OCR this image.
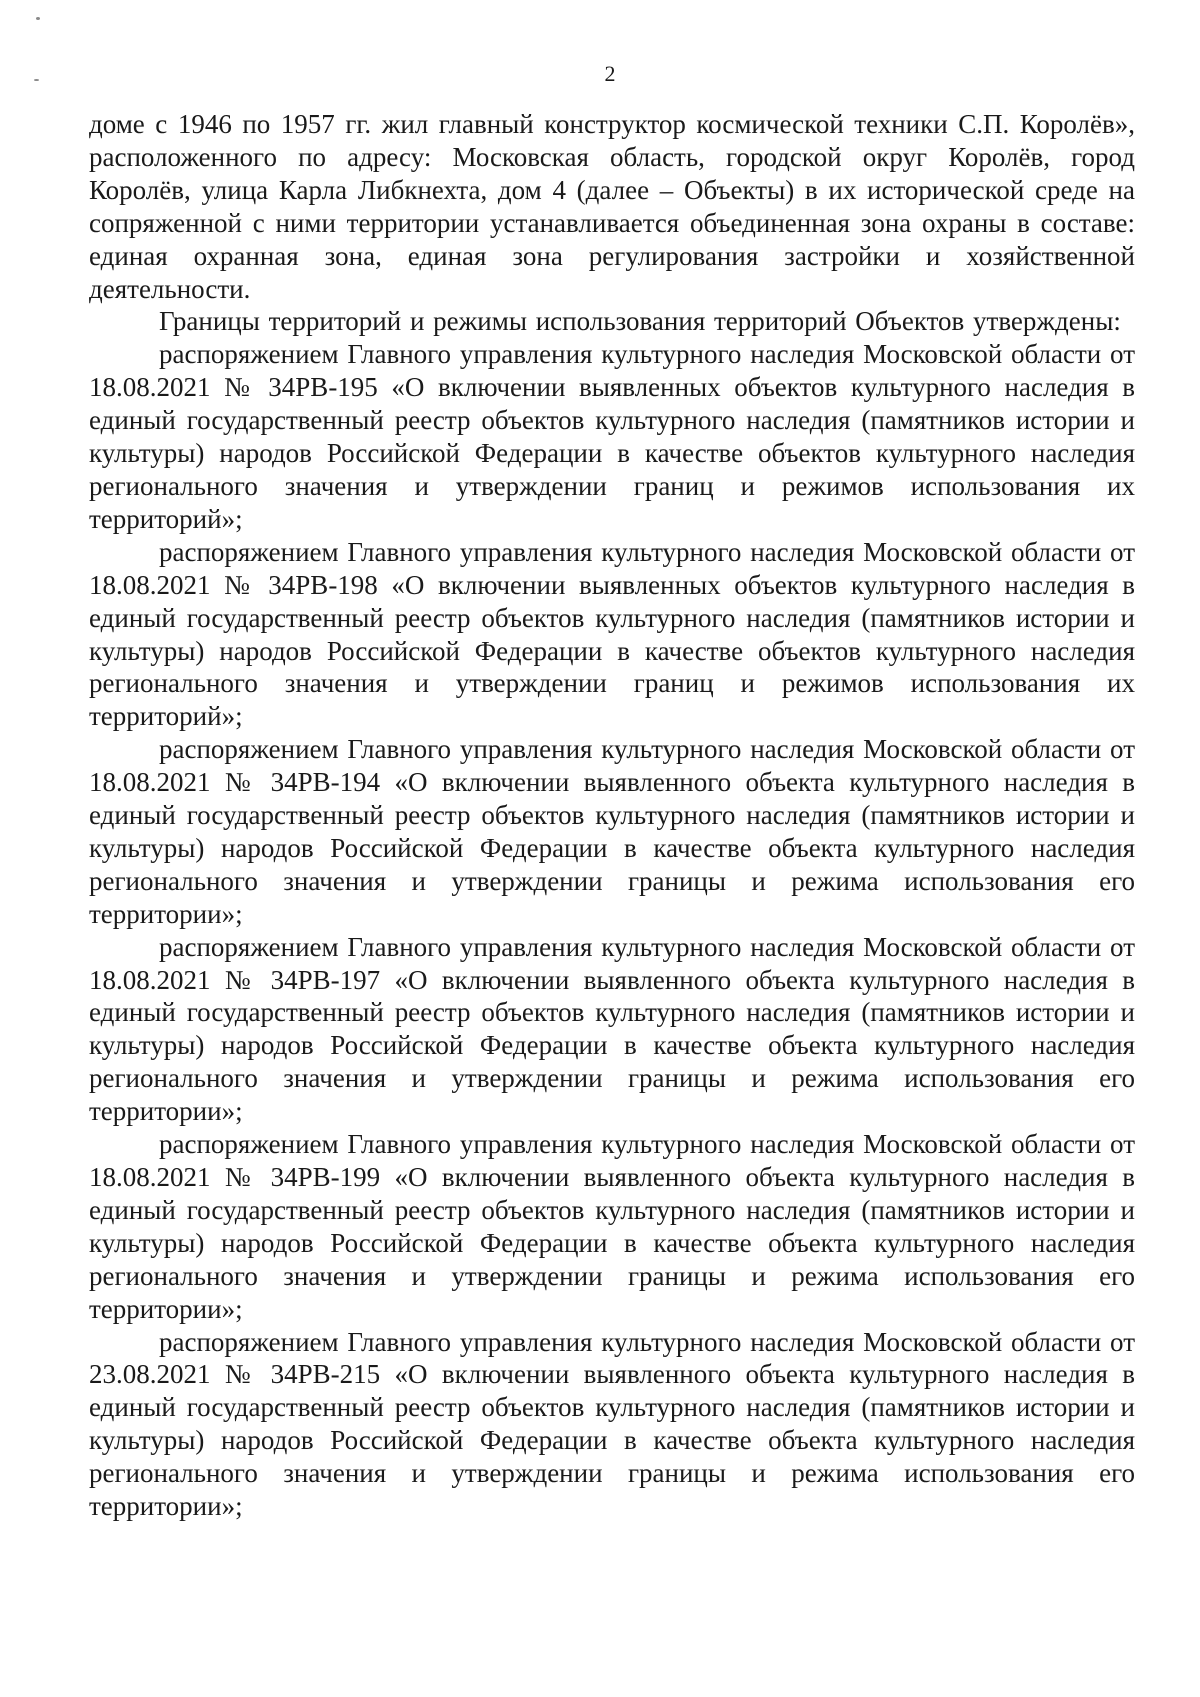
2

доме с 1946 по 1957 гг. жил главный конструктор космической техники С.П. Королёв», расположенного по адресу: Московская область, городской округ Королёв, город Королёв, улица Карла Либкнехта, дом 4 (далее – Объекты) в их исторической среде на сопряженной с ними территории устанавливается объединенная зона охраны в составе: единая охранная зона, единая зона регулирования застройки и хозяйственной деятельности.

Границы территорий и режимы использования территорий Объектов утверждены:

распоряжением Главного управления культурного наследия Московской области от 18.08.2021 № 34РВ-195 «О включении выявленных объектов культурного наследия в единый государственный реестр объектов культурного наследия (памятников истории и культуры) народов Российской Федерации в качестве объектов культурного наследия регионального значения и утверждении границ и режимов использования их территорий»;

распоряжением Главного управления культурного наследия Московской области от 18.08.2021 № 34РВ-198 «О включении выявленных объектов культурного наследия в единый государственный реестр объектов культурного наследия (памятников истории и культуры) народов Российской Федерации в качестве объектов культурного наследия регионального значения и утверждении границ и режимов использования их территорий»;

распоряжением Главного управления культурного наследия Московской области от 18.08.2021 № 34РВ-194 «О включении выявленного объекта культурного наследия в единый государственный реестр объектов культурного наследия (памятников истории и культуры) народов Российской Федерации в качестве объекта культурного наследия регионального значения и утверждении границы и режима использования его территории»;

распоряжением Главного управления культурного наследия Московской области от 18.08.2021 № 34РВ-197 «О включении выявленного объекта культурного наследия в единый государственный реестр объектов культурного наследия (памятников истории и культуры) народов Российской Федерации в качестве объекта культурного наследия регионального значения и утверждении границы и режима использования его территории»;

распоряжением Главного управления культурного наследия Московской области от 18.08.2021 № 34РВ-199 «О включении выявленного объекта культурного наследия в единый государственный реестр объектов культурного наследия (памятников истории и культуры) народов Российской Федерации в качестве объекта культурного наследия регионального значения и утверждении границы и режима использования его территории»;

распоряжением Главного управления культурного наследия Московской области от 23.08.2021 № 34РВ-215 «О включении выявленного объекта культурного наследия в единый государственный реестр объектов культурного наследия (памятников истории и культуры) народов Российской Федерации в качестве объекта культурного наследия регионального значения и утверждении границы и режима использования его территории»;
